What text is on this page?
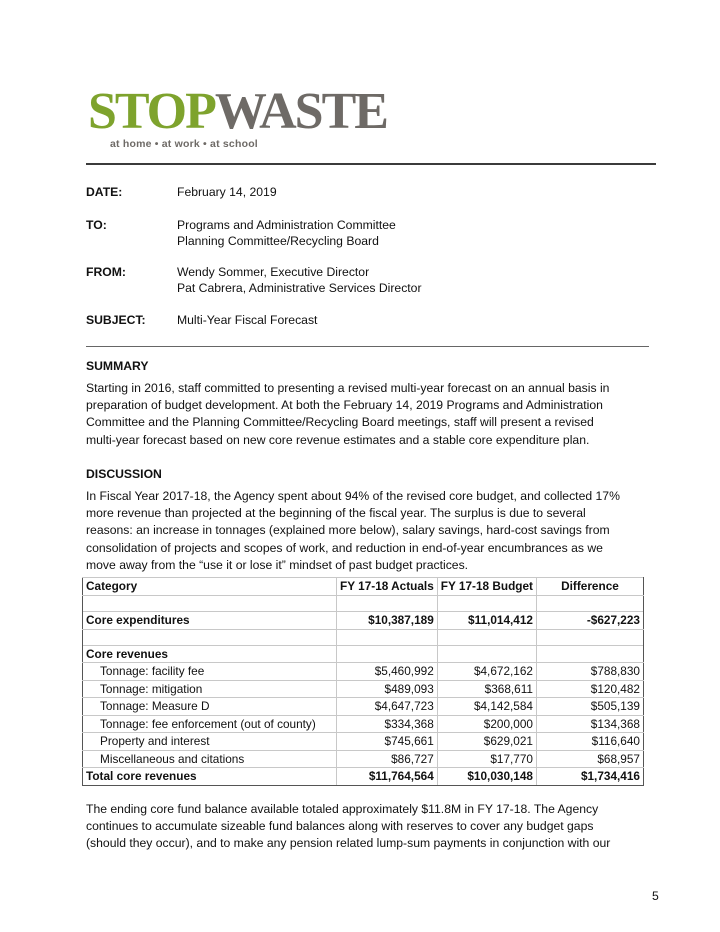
STOPWASTE
at home • at work • at school
DATE:	February 14, 2019
TO:	Programs and Administration Committee
Planning Committee/Recycling Board
FROM:	Wendy Sommer, Executive Director
Pat Cabrera, Administrative Services Director
SUBJECT:	Multi-Year Fiscal Forecast
SUMMARY
Starting in 2016, staff committed to presenting a revised multi-year forecast on an annual basis in
preparation of budget development. At both the February 14, 2019 Programs and Administration
Committee and the Planning Committee/Recycling Board meetings, staff will present a revised
multi-year forecast based on new core revenue estimates and a stable core expenditure plan.
DISCUSSION
In Fiscal Year 2017-18, the Agency spent about 94% of the revised core budget, and collected 17%
more revenue than projected at the beginning of the fiscal year. The surplus is due to several
reasons: an increase in tonnages (explained more below), salary savings, hard-cost savings from
consolidation of projects and scopes of work, and reduction in end-of-year encumbrances as we
move away from the “use it or lose it” mindset of past budget practices.
Category	FY 17-18 Actuals	FY 17-18 Budget	Difference

Core expenditures	$10,387,189	$11,014,412	-$627,223

Core revenues			
Tonnage: facility fee	$5,460,992	$4,672,162	$788,830
Tonnage: mitigation	$489,093	$368,611	$120,482
Tonnage: Measure D	$4,647,723	$4,142,584	$505,139
Tonnage: fee enforcement (out of county)	$334,368	$200,000	$134,368
Property and interest	$745,661	$629,021	$116,640
Miscellaneous and citations	$86,727	$17,770	$68,957
Total core revenues	$11,764,564	$10,030,148	$1,734,416
The ending core fund balance available totaled approximately $11.8M in FY 17-18. The Agency
continues to accumulate sizeable fund balances along with reserves to cover any budget gaps
(should they occur), and to make any pension related lump-sum payments in conjunction with our
5
